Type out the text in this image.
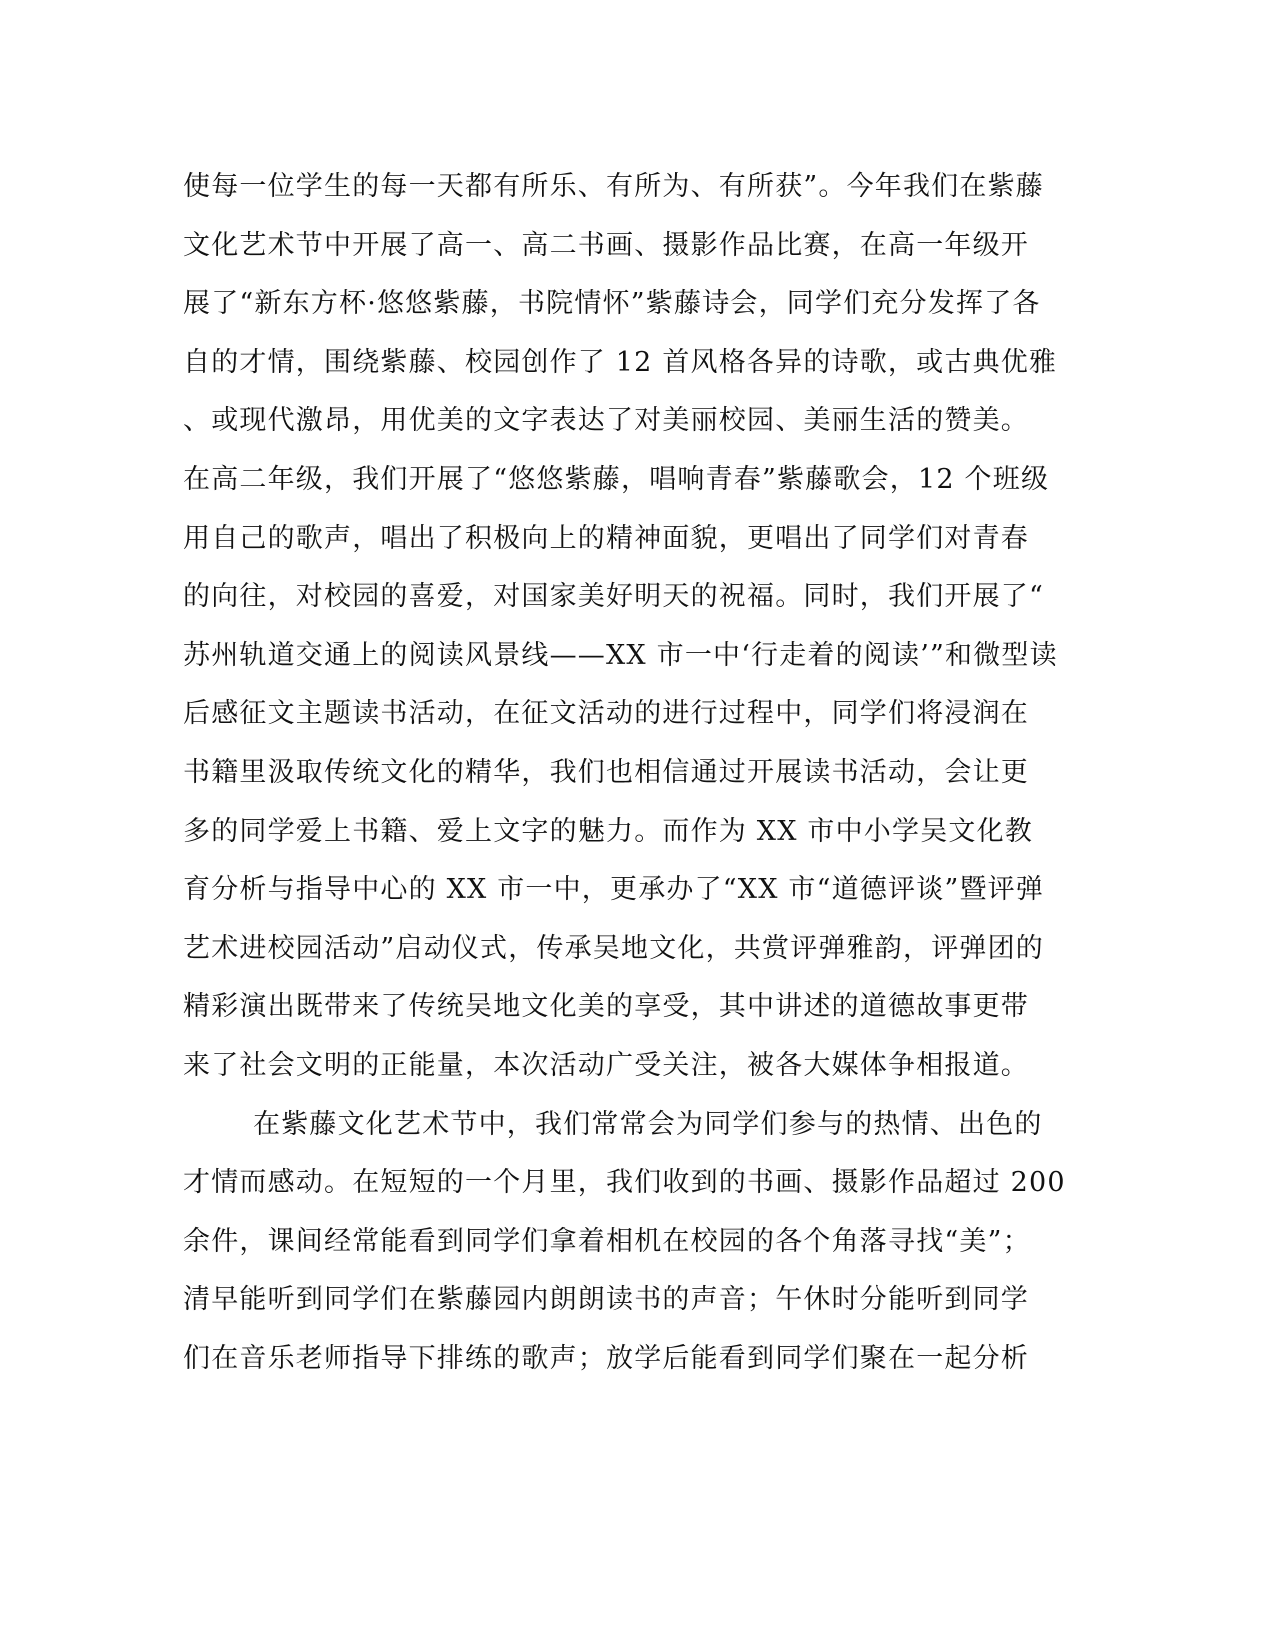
使每一位学生的每一天都有所乐、有所为、有所获”。今年我们在紫藤
文化艺术节中开展了高一、高二书画、摄影作品比赛，在高一年级开
展了“新东方杯·悠悠紫藤，书院情怀”紫藤诗会，同学们充分发挥了各
自的才情，围绕紫藤、校园创作了 12 首风格各异的诗歌，或古典优雅
、或现代激昂，用优美的文字表达了对美丽校园、美丽生活的赞美。
在高二年级，我们开展了“悠悠紫藤，唱响青春”紫藤歌会，12 个班级
用自己的歌声，唱出了积极向上的精神面貌，更唱出了同学们对青春
的向往，对校园的喜爱，对国家美好明天的祝福。同时，我们开展了“
苏州轨道交通上的阅读风景线——XX 市一中‘行走着的阅读’”和微型读
后感征文主题读书活动，在征文活动的进行过程中，同学们将浸润在
书籍里汲取传统文化的精华，我们也相信通过开展读书活动，会让更
多的同学爱上书籍、爱上文字的魅力。而作为 XX 市中小学吴文化教
育分析与指导中心的 XX 市一中，更承办了“XX 市“道德评谈”暨评弹
艺术进校园活动”启动仪式，传承吴地文化，共赏评弹雅韵，评弹团的
精彩演出既带来了传统吴地文化美的享受，其中讲述的道德故事更带
来了社会文明的正能量，本次活动广受关注，被各大媒体争相报道。
在紫藤文化艺术节中，我们常常会为同学们参与的热情、出色的
才情而感动。在短短的一个月里，我们收到的书画、摄影作品超过 200
余件，课间经常能看到同学们拿着相机在校园的各个角落寻找“美”；
清早能听到同学们在紫藤园内朗朗读书的声音；午休时分能听到同学
们在音乐老师指导下排练的歌声；放学后能看到同学们聚在一起分析
